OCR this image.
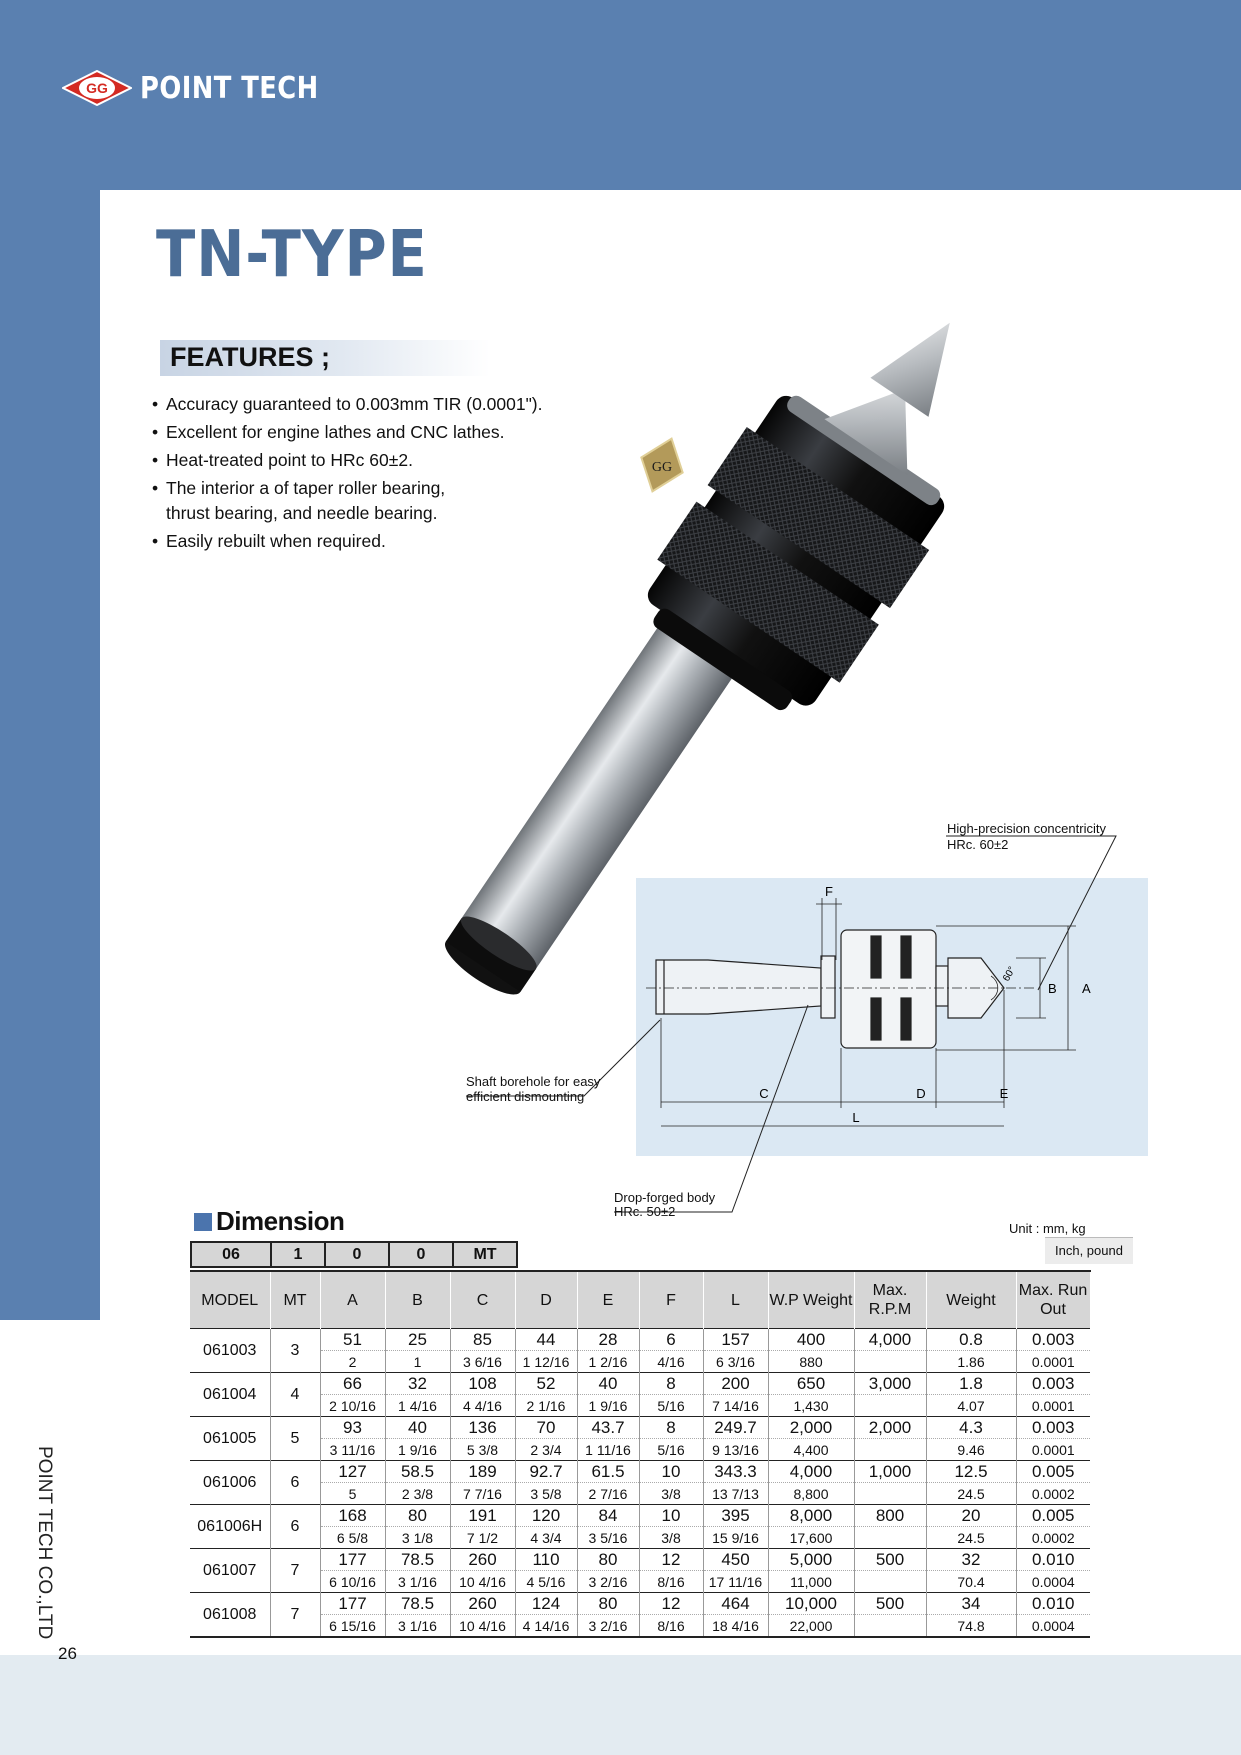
GG POINT TECH
HEAVY DUTY LIVE CENTERS
POINT TECH CO.,LTD
26
TN-TYPE
FEATURES ;
• Accuracy guaranteed to 0.003mm TIR (0.0001").
• Excellent for engine lathes and CNC lathes.
• Heat-treated point to HRc 60±2.
• The interior a of taper roller bearing, thrust bearing, and needle bearing.
• Easily rebuilt when required.
GG
F
A
B
60°
C	D	E
L
High-precision concentricity
HRc. 60±2
Shaft borehole for easy
efficient dismounting
Drop-forged body
HRc. 50±2
Dimension	Unit : mm, kg
Inch, pound
06	1	0	0	MT
MODEL	MT	A	B	C	D	E	F	L	W.P Weight	Max. R.P.M	Weight	Max. Run Out
061003	3	51	25	85	44	28	6	157	400	4,000	0.8	0.003
		2	1	3 6/16	1 12/16	1 2/16	4/16	6 3/16	880		1.86	0.0001
061004	4	66	32	108	52	40	8	200	650	3,000	1.8	0.003
		2 10/16	1 4/16	4 4/16	2 1/16	1 9/16	5/16	7 14/16	1,430		4.07	0.0001
061005	5	93	40	136	70	43.7	8	249.7	2,000	2,000	4.3	0.003
		3 11/16	1 9/16	5 3/8	2 3/4	1 11/16	5/16	9 13/16	4,400		9.46	0.0001
061006	6	127	58.5	189	92.7	61.5	10	343.3	4,000	1,000	12.5	0.005
		5	2 3/8	7 7/16	3 5/8	2 7/16	3/8	13 7/13	8,800		24.5	0.0002
061006H	6	168	80	191	120	84	10	395	8,000	800	20	0.005
		6 5/8	3 1/8	7 1/2	4 3/4	3 5/16	3/8	15 9/16	17,600		24.5	0.0002
061007	7	177	78.5	260	110	80	12	450	5,000	500	32	0.010
		6 10/16	3 1/16	10 4/16	4 5/16	3 2/16	8/16	17 11/16	11,000		70.4	0.0004
061008	7	177	78.5	260	124	80	12	464	10,000	500	34	0.010
		6 15/16	3 1/16	10 4/16	4 14/16	3 2/16	8/16	18 4/16	22,000		74.8	0.0004
